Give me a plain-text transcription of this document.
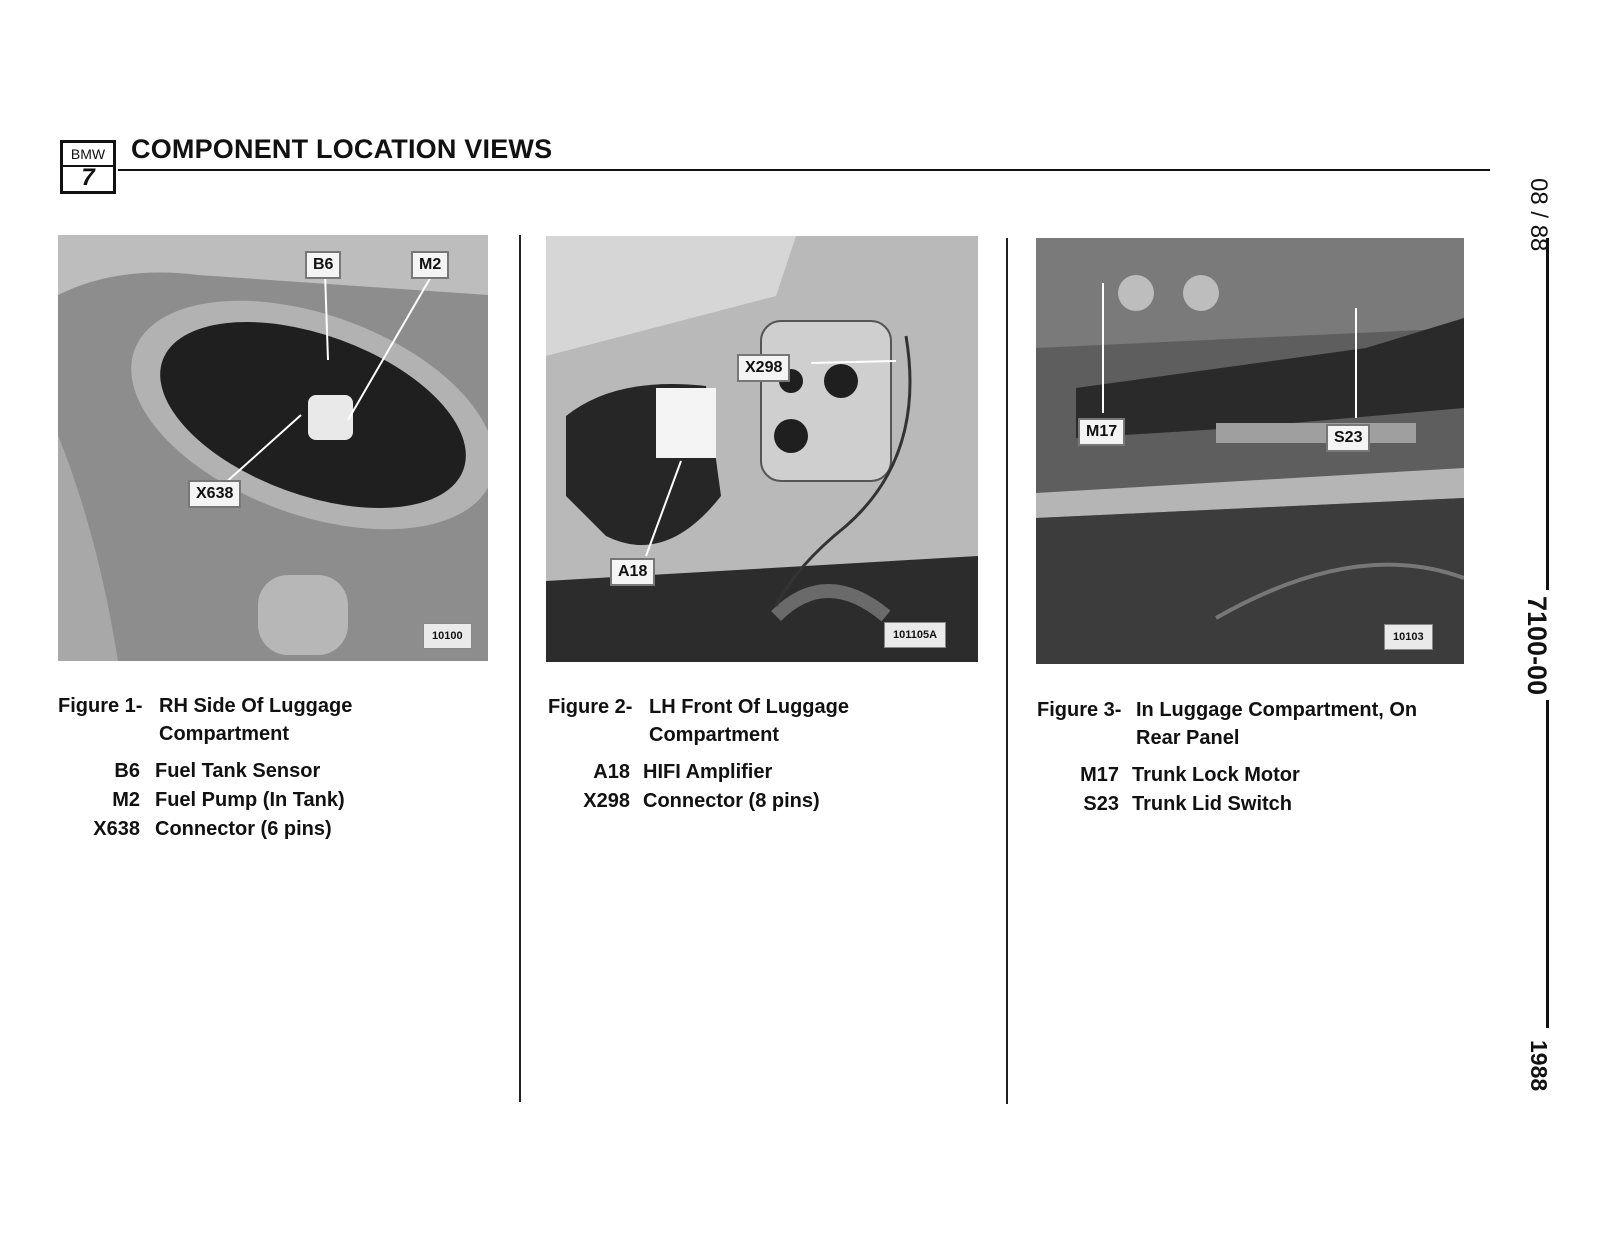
BMW
7
COMPONENT LOCATION VIEWS
08 / 88
7100-00
1988
B6	M2
X638
10100
Figure 1- RH Side Of Luggage
Compartment
B6 Fuel Tank Sensor
M2 Fuel Pump (In Tank)
X638 Connector (6 pins)
X298
A18
101105A
Figure 2- LH Front Of Luggage
Compartment
A18 HIFI Amplifier
X298 Connector (8 pins)
M17	S23
10103
Figure 3- In Luggage Compartment, On
Rear Panel
M17 Trunk Lock Motor
S23 Trunk Lid Switch
